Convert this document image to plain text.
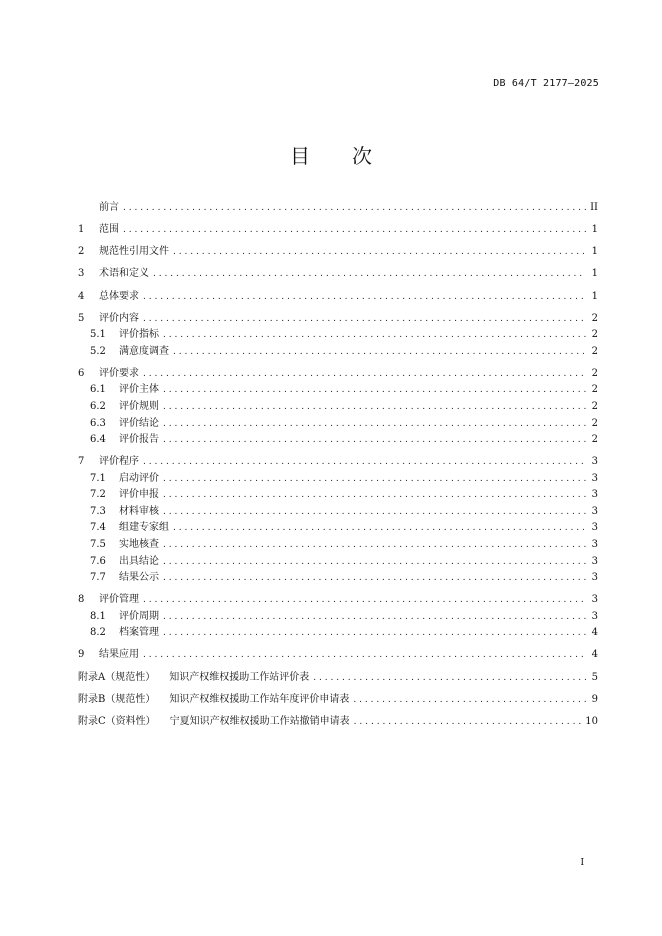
DB 64/T 2177—2025
目 次
前言 .....	II
1	范围 .....	1
2	规范性引用文件 .....	1
3	术语和定义 .....	1
4	总体要求 .....	1
5	评价内容 .....	2
5.1	评价指标 .....	2
5.2	满意度调查 .....	2
6	评价要求 .....	2
6.1	评价主体 .....	2
6.2	评价规则 .....	2
6.3	评价结论 .....	2
6.4	评价报告 .....	2
7	评价程序 .....	3
7.1	启动评价 .....	3
7.2	评价申报 .....	3
7.3	材料审核 .....	3
7.4	组建专家组 .....	3
7.5	实地核查 .....	3
7.6	出具结论 .....	3
7.7	结果公示 .....	3
8	评价管理 .....	3
8.1	评价周期 .....	3
8.2	档案管理 .....	4
9	结果应用 .....	4
附录A（规范性） 知识产权维权援助工作站评价表 .....	5
附录B（规范性） 知识产权维权援助工作站年度评价申请表 .....	9
附录C（资料性） 宁夏知识产权维权援助工作站撤销申请表 .....	10
I
